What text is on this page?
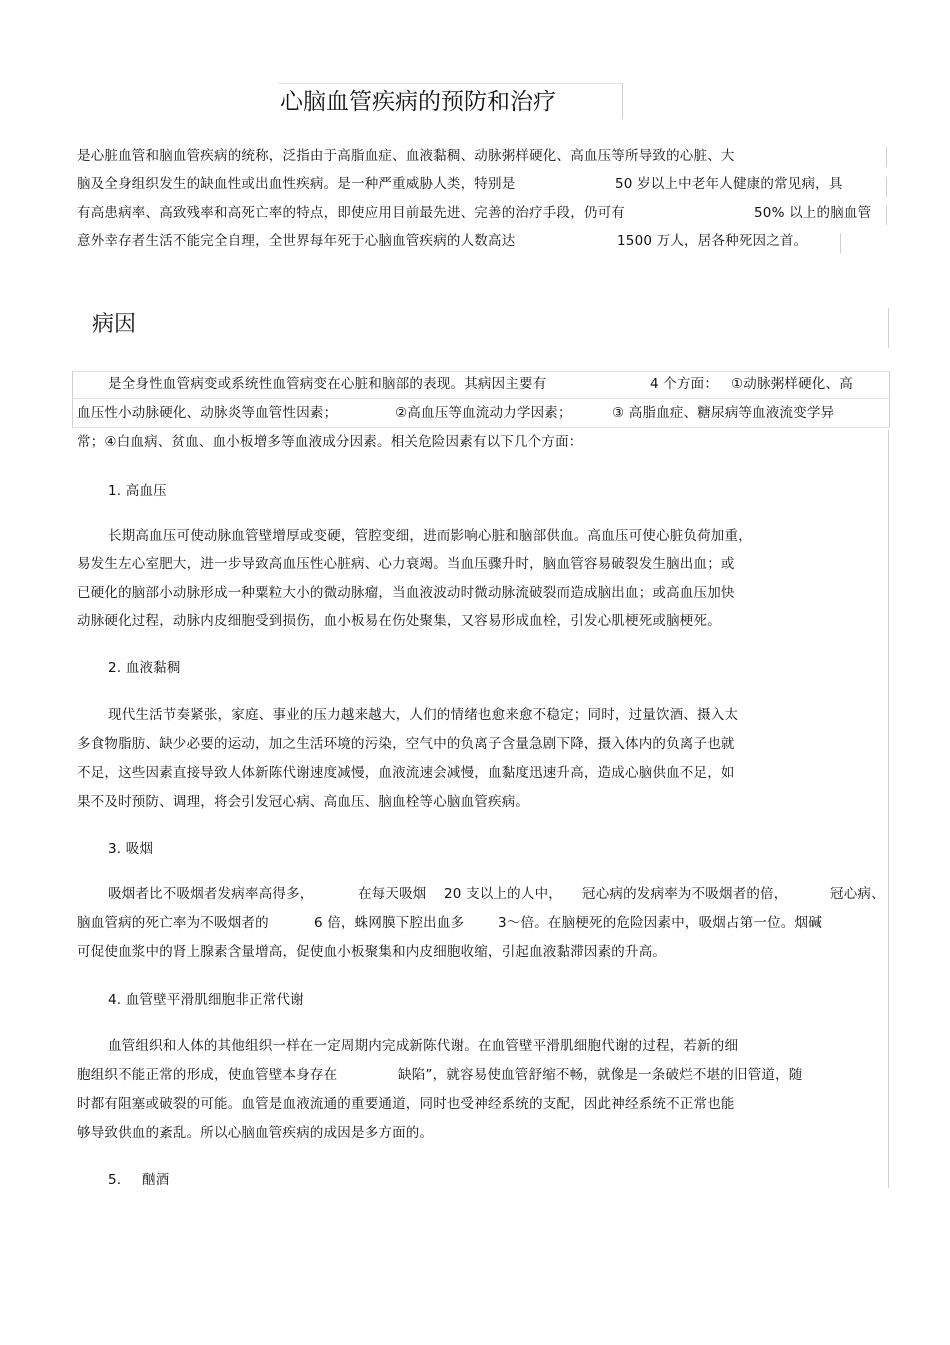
心脑血管疾病的预防和治疗
是心脏血管和脑血管疾病的统称，泛指由于高脂血症、血液黏稠、动脉粥样硬化、高血压等所导致的心脏、大
脑及全身组织发生的缺血性或出血性疾病。是一种严重威胁人类，特别是	50 岁以上中老年人健康的常见病，具
有高患病率、高致残率和高死亡率的特点，即使应用目前最先进、完善的治疗手段，仍可有	50% 以上的脑血管
意外幸存者生活不能完全自理，全世界每年死于心脑血管疾病的人数高达	1500 万人，居各种死因之首。
病因
是全身性血管病变或系统性血管病变在心脏和脑部的表现。其病因主要有	4 个方面： ①动脉粥样硬化、高
血压性小动脉硬化、动脉炎等血管性因素；	②高血压等血流动力学因素；	③ 高脂血症、糖尿病等血液流变学异
常；④白血病、贫血、血小板增多等血液成分因素。相关危险因素有以下几个方面：
1. 高血压
长期高血压可使动脉血管壁增厚或变硬，管腔变细，进而影响心脏和脑部供血。高血压可使心脏负荷加重，
易发生左心室肥大，进一步导致高血压性心脏病、心力衰竭。当血压骤升时，脑血管容易破裂发生脑出血；或
已硬化的脑部小动脉形成一种粟粒大小的微动脉瘤，当血液波动时微动脉流破裂而造成脑出血；或高血压加快
动脉硬化过程，动脉内皮细胞受到损伤，血小板易在伤处聚集，又容易形成血栓，引发心肌梗死或脑梗死。
2. 血液黏稠
现代生活节奏紧张，家庭、事业的压力越来越大，人们的情绪也愈来愈不稳定；同时，过量饮酒、摄入太
多食物脂肪、缺少必要的运动，加之生活环境的污染，空气中的负离子含量急剧下降，摄入体内的负离子也就
不足，这些因素直接导致人体新陈代谢速度减慢，血液流速会减慢，血黏度迅速升高，造成心脑供血不足，如
果不及时预防、调理，将会引发冠心病、高血压、脑血栓等心脑血管疾病。
3. 吸烟
吸烟者比不吸烟者发病率高得多，	在每天吸烟 20 支以上的人中， 冠心病的发病率为不吸烟者的倍，	冠心病、
脑血管病的死亡率为不吸烟者的	6 倍，蛛网膜下腔出血多 3～倍。在脑梗死的危险因素中，吸烟占第一位。烟碱
可促使血浆中的肾上腺素含量增高，促使血小板聚集和内皮细胞收缩，引起血液黏滞因素的升高。
4. 血管壁平滑肌细胞非正常代谢
血管组织和人体的其他组织一样在一定周期内完成新陈代谢。在血管壁平滑肌细胞代谢的过程，若新的细
胞组织不能正常的形成，使血管壁本身存在	缺陷”，就容易使血管舒缩不畅，就像是一条破烂不堪的旧管道，随
时都有阻塞或破裂的可能。血管是血液流通的重要通道，同时也受神经系统的支配，因此神经系统不正常也能
够导致供血的紊乱。所以心脑血管疾病的成因是多方面的。
5. 酗酒
